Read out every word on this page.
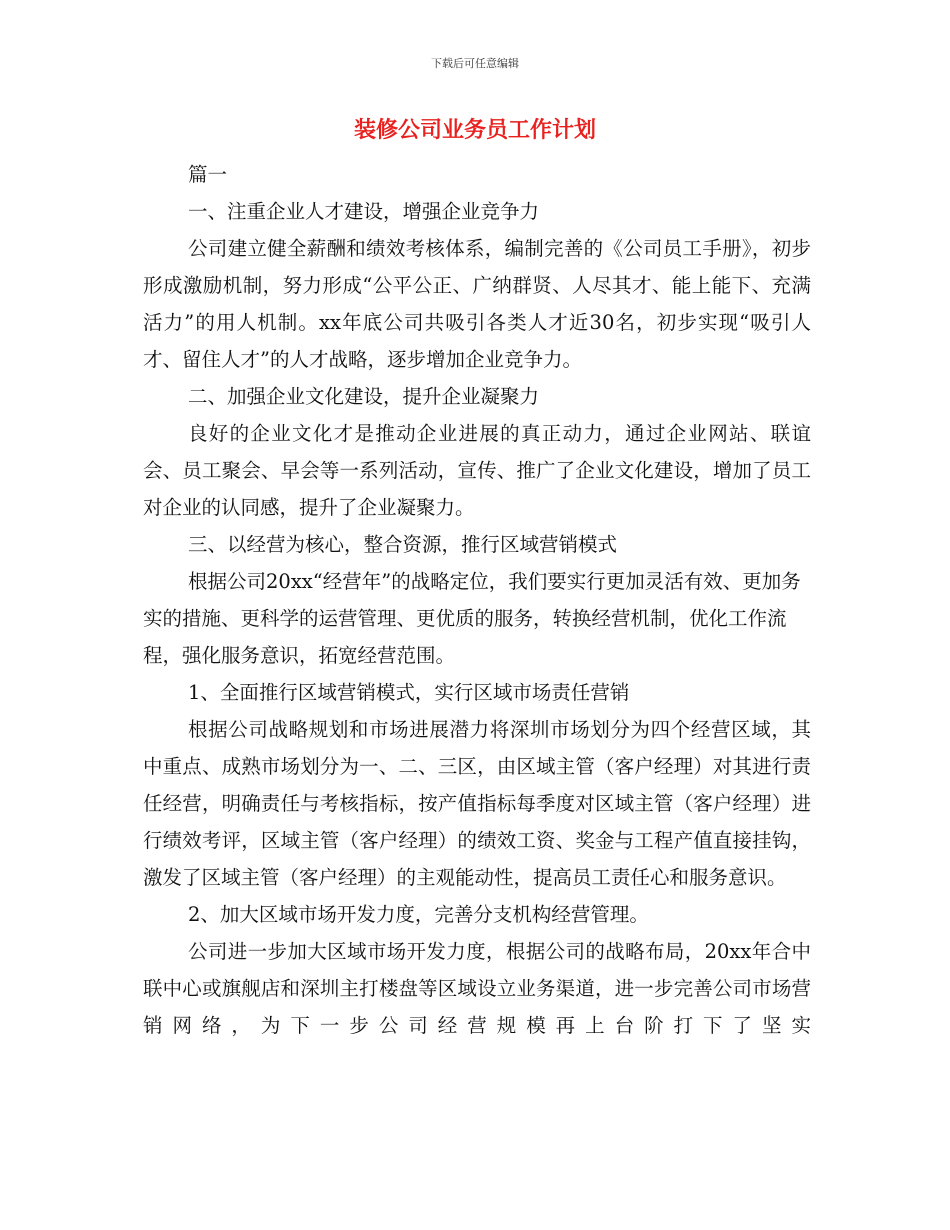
下载后可任意编辑
装修公司业务员工作计划

篇一

一、注重企业人才建设，增强企业竞争力

公司建立健全薪酬和绩效考核体系，编制完善的《公司员工手册》，初步形成激励机制，努力形成“公平公正、广纳群贤、人尽其才、能上能下、充满活力”的用人机制。xx年底公司共吸引各类人才近30名，初步实现“吸引人才、留住人才”的人才战略，逐步增加企业竞争力。

二、加强企业文化建设，提升企业凝聚力

良好的企业文化才是推动企业进展的真正动力，通过企业网站、联谊会、员工聚会、早会等一系列活动，宣传、推广了企业文化建设，增加了员工对企业的认同感，提升了企业凝聚力。

三、以经营为核心，整合资源，推行区域营销模式

根据公司20xx“经营年”的战略定位，我们要实行更加灵活有效、更加务实的措施、更科学的运营管理、更优质的服务，转换经营机制，优化工作流程，强化服务意识，拓宽经营范围。

1、全面推行区域营销模式，实行区域市场责任营销

根据公司战略规划和市场进展潜力将深圳市场划分为四个经营区域，其中重点、成熟市场划分为一、二、三区，由区域主管（客户经理）对其进行责任经营，明确责任与考核指标，按产值指标每季度对区域主管（客户经理）进行绩效考评，区域主管（客户经理）的绩效工资、奖金与工程产值直接挂钩，激发了区域主管（客户经理）的主观能动性，提高员工责任心和服务意识。

2、加大区域市场开发力度，完善分支机构经营管理。

公司进一步加大区域市场开发力度，根据公司的战略布局，20xx年合中联中心或旗舰店和深圳主打楼盘等区域设立业务渠道，进一步完善公司市场营销网络，为下一步公司经营规模再上台阶打下了坚实
